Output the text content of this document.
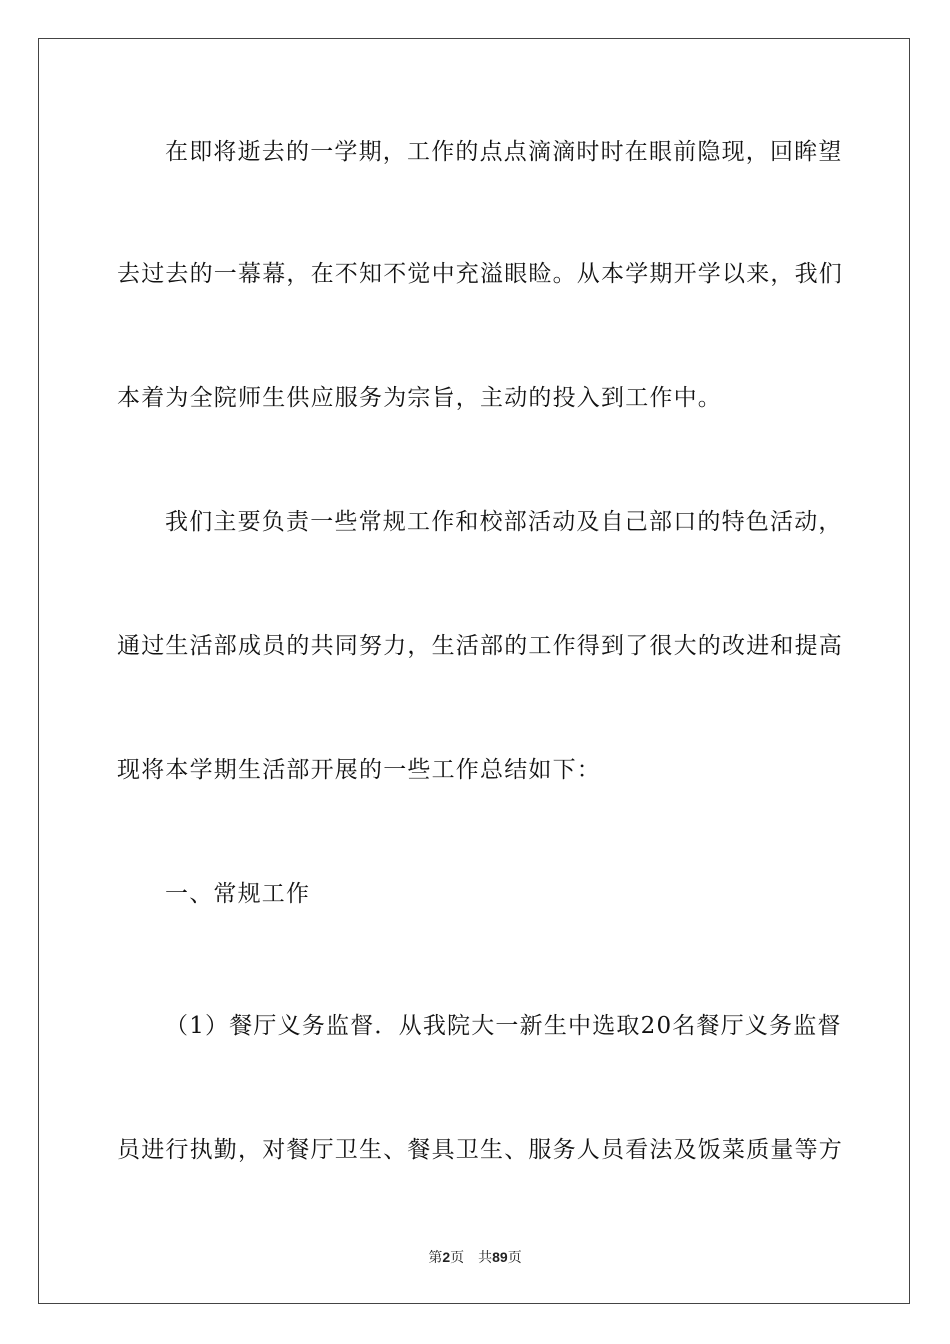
在即将逝去的一学期，工作的点点滴滴时时在眼前隐现，回眸望
去过去的一幕幕，在不知不觉中充溢眼睑。从本学期开学以来，我们
本着为全院师生供应服务为宗旨，主动的投入到工作中。
我们主要负责一些常规工作和校部活动及自己部口的特色活动，
通过生活部成员的共同努力，生活部的工作得到了很大的改进和提高
现将本学期生活部开展的一些工作总结如下：
一、常规工作
（1）餐厅义务监督．从我院大一新生中选取20名餐厅义务监督
员进行执勤，对餐厅卫生、餐具卫生、服务人员看法及饭菜质量等方
第2页 共89页
